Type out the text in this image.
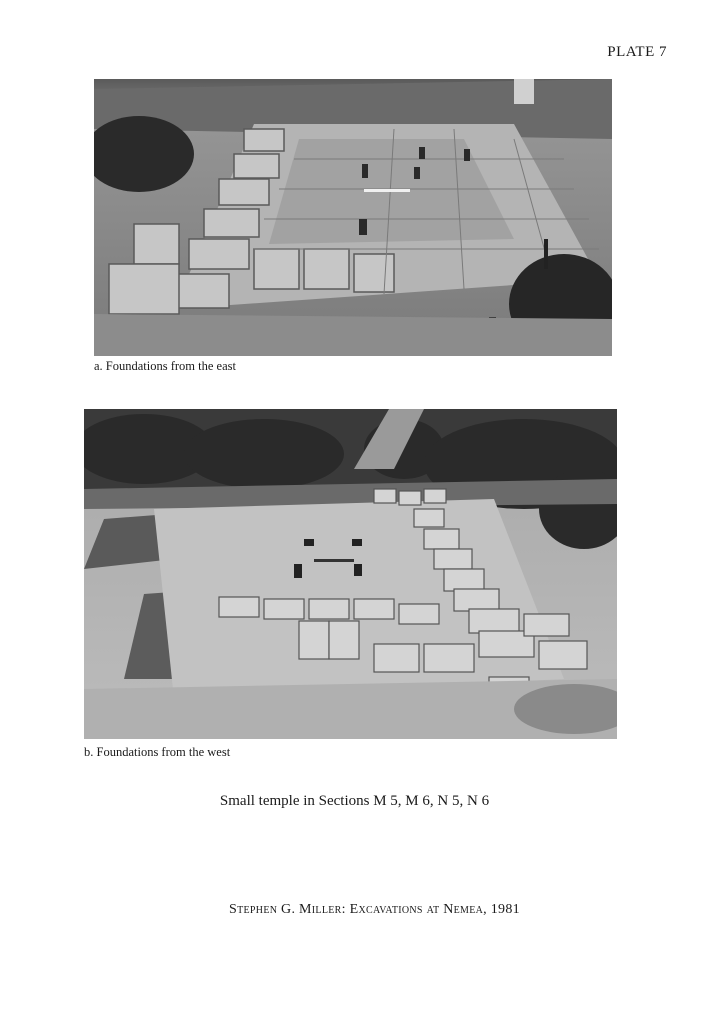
PLATE 7
a. Foundations from the east
b. Foundations from the west
Small temple in Sections M 5, M 6, N 5, N 6
Stephen G. Miller: Excavations at Nemea, 1981
